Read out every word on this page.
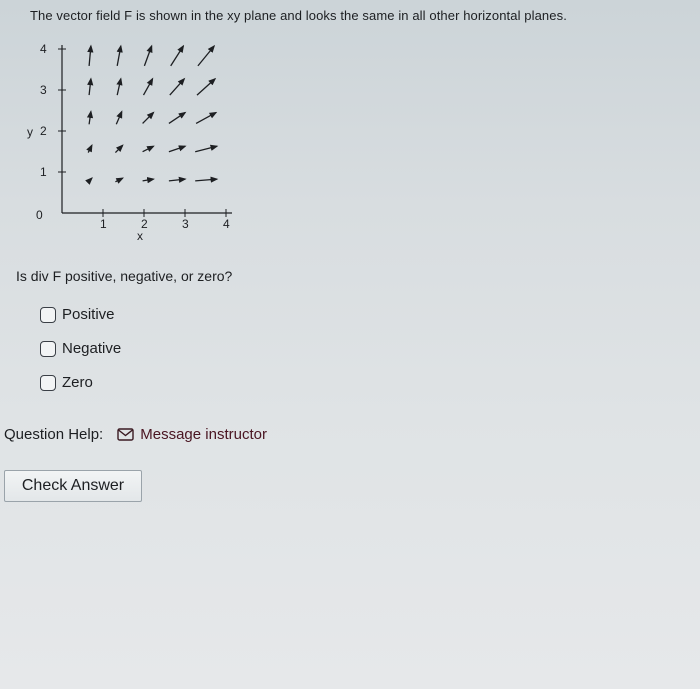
The vector field F is shown in the xy plane and looks the same in all other horizontal planes.
0
y
x
1	2	3	4
1
2
3
4
Is div F positive, negative, or zero?
Positive
Negative
Zero
Question Help: Message instructor
Check Answer
